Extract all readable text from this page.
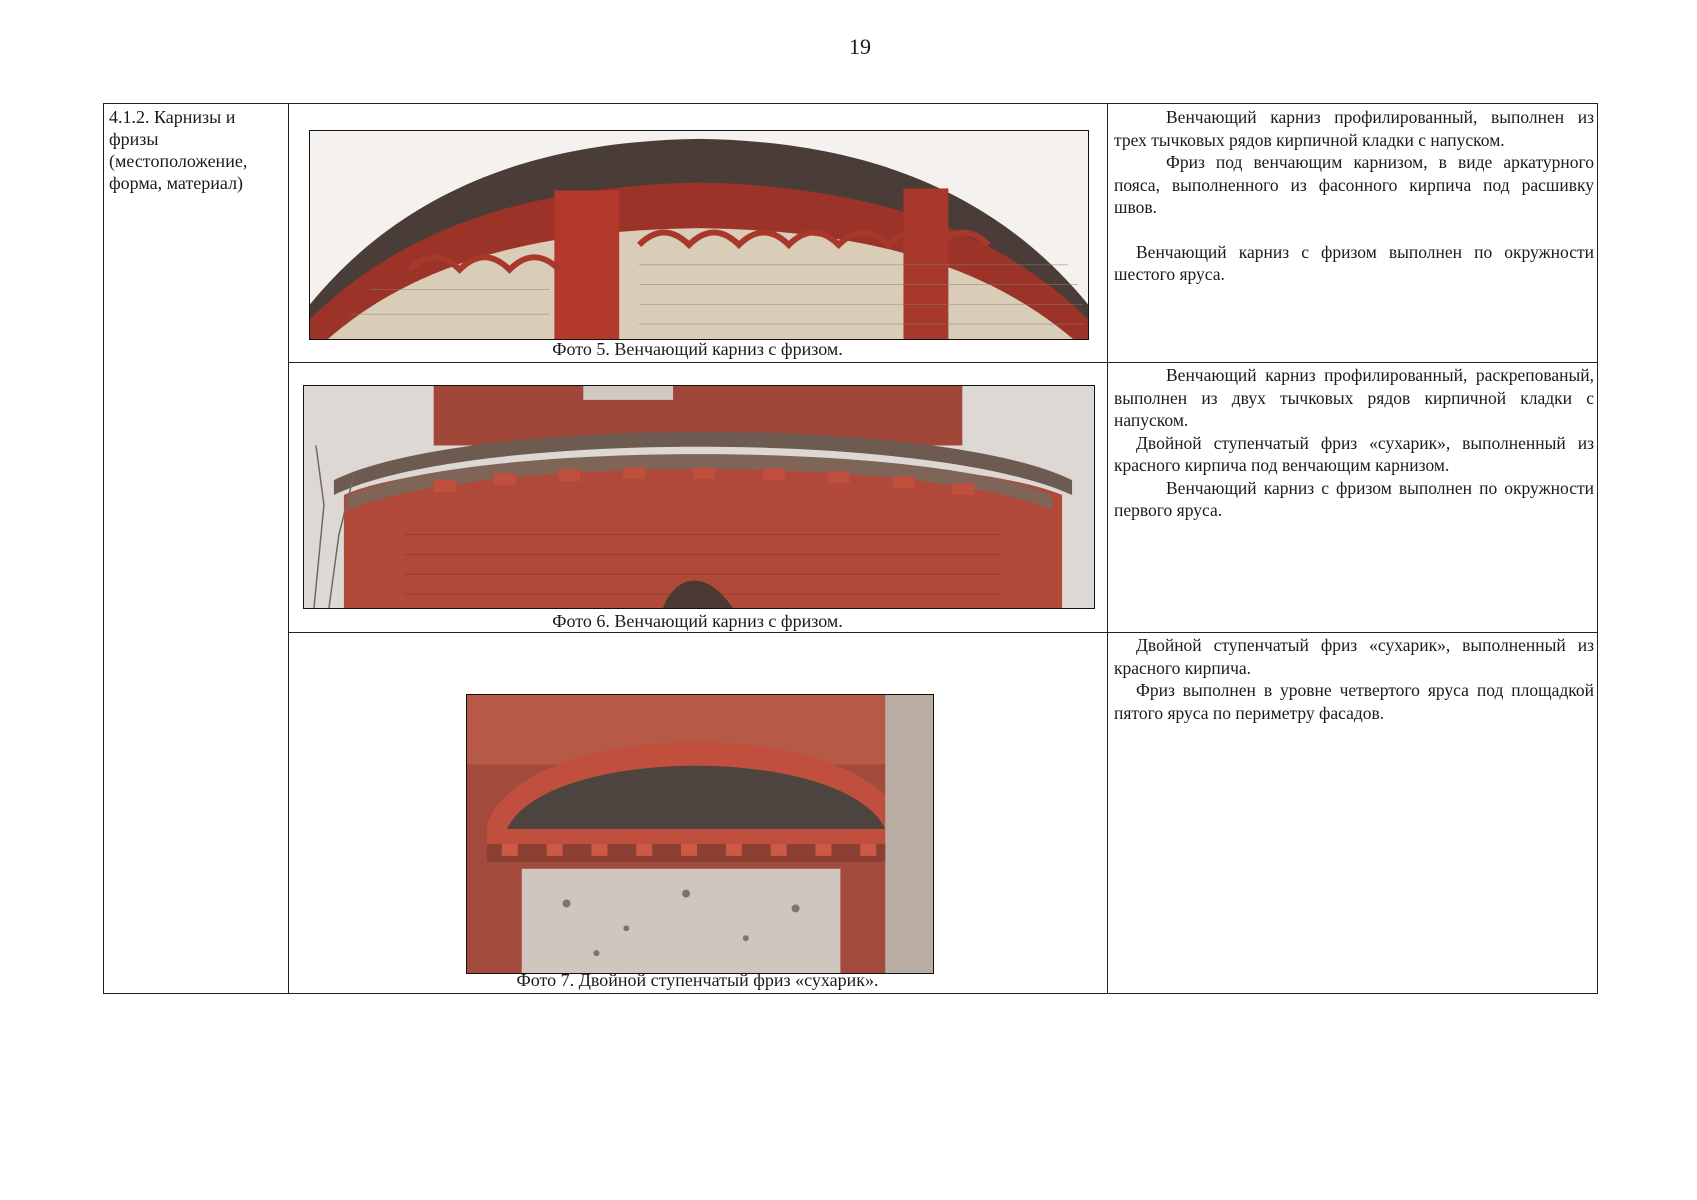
19
4.1.2. Карнизы и фризы (местоположение, форма, материал)
Фото 5. Венчающий карниз с фризом.

Венчающий карниз профилированный, выполнен из трех тычковых рядов кирпичной кладки с напуском.

Фриз под венчающим карнизом, в виде аркатурного пояса, выполненного из фасонного кирпича под расшивку швов.

Венчающий карниз с фризом выполнен по окружности шестого яруса.

Фото 6. Венчающий карниз с фризом.

Венчающий карниз профилированный, раскрепованый, выполнен из двух тычковых рядов кирпичной кладки с напуском.

Двойной ступенчатый фриз «сухарик», выполненный из красного кирпича под венчающим карнизом.

Венчающий карниз с фризом выполнен по окружности первого яруса.

Фото 7. Двойной ступенчатый фриз «сухарик».

Двойной ступенчатый фриз «сухарик», выполненный из красного кирпича.

Фриз выполнен в уровне четвертого яруса под площадкой пятого яруса по периметру фасадов.
